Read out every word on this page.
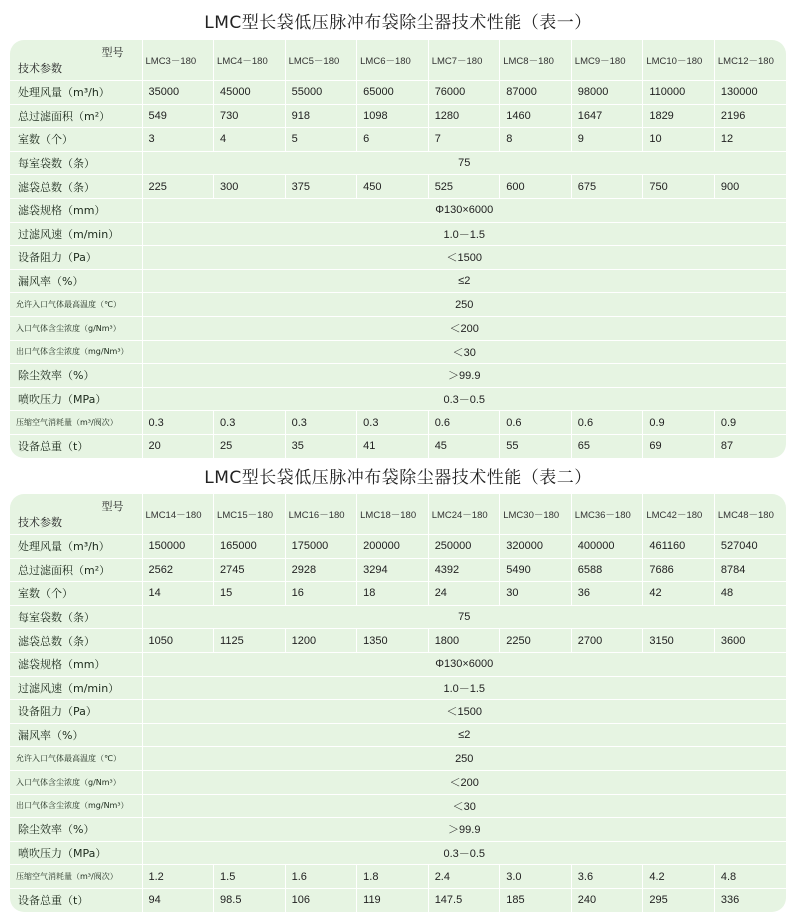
LMC型长袋低压脉冲布袋除尘器技术性能（表一）
型号
技术参数	LMC3－180	LMC4－180	LMC5－180	LMC6－180	LMC7－180	LMC8－180	LMC9－180	LMC10－180	LMC12－180
处理风量（m³/h）	35000	45000	55000	65000	76000	87000	98000	110000	130000
总过滤面积（m²）	549	730	918	1098	1280	1460	1647	1829	2196
室数（个）	3	4	5	6	7	8	9	10	12
每室袋数（条）	75								
滤袋总数（条）	225	300	375	450	525	600	675	750	900
滤袋规格（mm）	Φ130×6000								
过滤风速（m/min）	1.0－1.5								
设备阻力（Pa）	＜1500								
漏风率（%）	≤2								
允许入口气体最高温度（℃）	250								
入口气体含尘浓度（g/Nm³）	＜200								
出口气体含尘浓度（mg/Nm³）	＜30								
除尘效率（%）	＞99.9								
喷吹压力（MPa）	0.3－0.5								
压缩空气消耗量（m³/阀次）	0.3	0.3	0.3	0.3	0.6	0.6	0.6	0.9	0.9
设备总重（t）	20	25	35	41	45	55	65	69	87
LMC型长袋低压脉冲布袋除尘器技术性能（表二）
型号
技术参数	LMC14－180	LMC15－180	LMC16－180	LMC18－180	LMC24－180	LMC30－180	LMC36－180	LMC42－180	LMC48－180
处理风量（m³/h）	150000	165000	175000	200000	250000	320000	400000	461160	527040
总过滤面积（m²）	2562	2745	2928	3294	4392	5490	6588	7686	8784
室数（个）	14	15	16	18	24	30	36	42	48
每室袋数（条）	75								
滤袋总数（条）	1050	1125	1200	1350	1800	2250	2700	3150	3600
滤袋规格（mm）	Φ130×6000								
过滤风速（m/min）	1.0－1.5								
设备阻力（Pa）	＜1500								
漏风率（%）	≤2								
允许入口气体最高温度（℃）	250								
入口气体含尘浓度（g/Nm³）	＜200								
出口气体含尘浓度（mg/Nm³）	＜30								
除尘效率（%）	＞99.9								
喷吹压力（MPa）	0.3－0.5								
压缩空气消耗量（m³/阀次）	1.2	1.5	1.6	1.8	2.4	3.0	3.6	4.2	4.8
设备总重（t）	94	98.5	106	119	147.5	185	240	295	336
